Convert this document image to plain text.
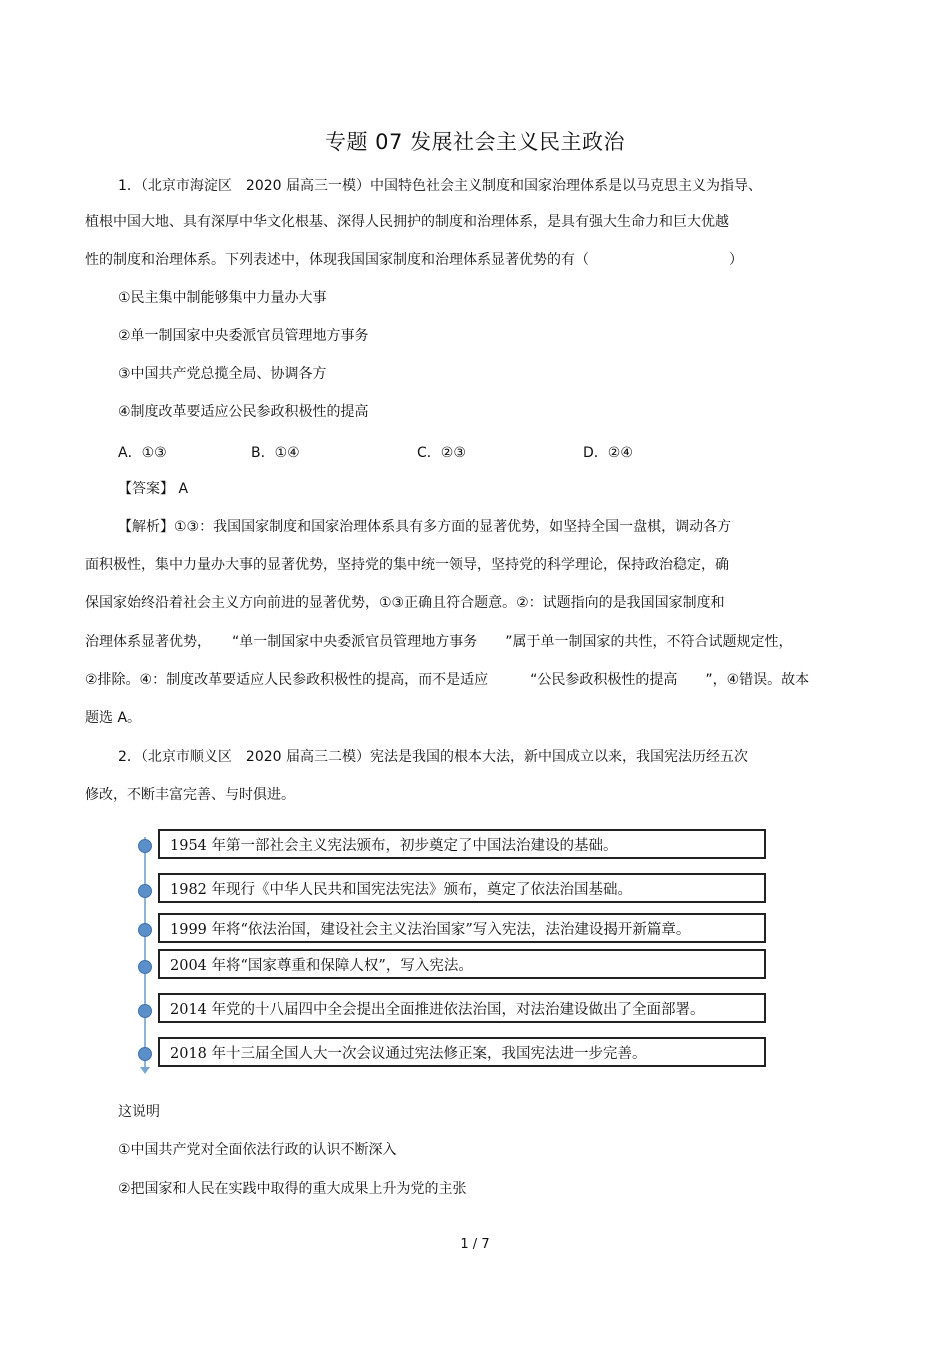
专题 07 发展社会主义民主政治
1．（北京市海淀区　2020 届高三一模）中国特色社会主义制度和国家治理体系是以马克思主义为指导、
植根中国大地、具有深厚中华文化根基、深得人民拥护的制度和治理体系，是具有强大生命力和巨大优越
性的制度和治理体系。下列表述中，体现我国国家制度和治理体系显著优势的有（　　　　　　　　　　）
①民主集中制能够集中力量办大事
②单一制国家中央委派官员管理地方事务
③中国共产党总揽全局、协调各方
④制度改革要适应公民参政积极性的提高
A．①③	B．①④	C．②③	D．②④
【答案】 A
【解析】①③：我国国家制度和国家治理体系具有多方面的显著优势，如坚持全国一盘棋，调动各方
面积极性，集中力量办大事的显著优势，坚持党的集中统一领导，坚持党的科学理论，保持政治稳定，确
保国家始终沿着社会主义方向前进的显著优势，①③正确且符合题意。②：试题指向的是我国国家制度和
治理体系显著优势，　　“单一制国家中央委派官员管理地方事务　　”属于单一制国家的共性，不符合试题规定性，
②排除。④：制度改革要适应人民参政积极性的提高，而不是适应　　　“公民参政积极性的提高　　”，④错误。故本
题选 A。
2．（北京市顺义区　2020 届高三二模）宪法是我国的根本大法，新中国成立以来，我国宪法历经五次
修改，不断丰富完善、与时俱进。
1954 年第一部社会主义宪法颁布，初步奠定了中国法治建设的基础。
1982 年现行《中华人民共和国宪法宪法》颁布，奠定了依法治国基础。
1999 年将“依法治国，建设社会主义法治国家”写入宪法，法治建设揭开新篇章。
2004 年将“国家尊重和保障人权”，写入宪法。
2014 年党的十八届四中全会提出全面推进依法治国，对法治建设做出了全面部署。
2018 年十三届全国人大一次会议通过宪法修正案，我国宪法进一步完善。
这说明
①中国共产党对全面依法行政的认识不断深入
②把国家和人民在实践中取得的重大成果上升为党的主张
1 / 7
